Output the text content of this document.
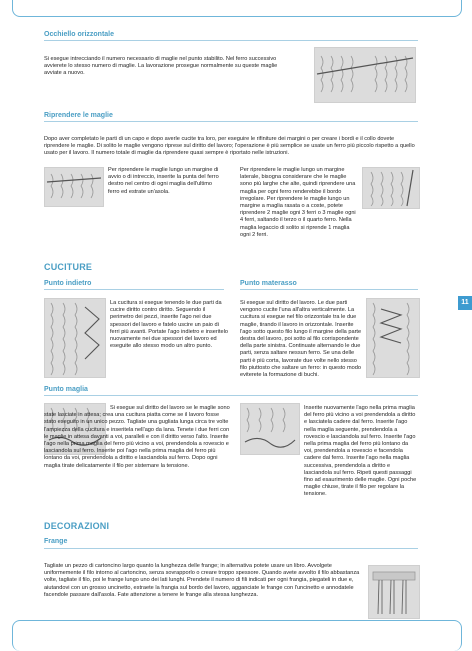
11
Occhiello orizzontale
Si esegue intrecciando il numero necessario di maglie nel punto stabilito. Nel ferro successivo avvierete lo stesso numero di maglie. La lavorazione prosegue normalmente su queste maglie avviate a nuovo.
Riprendere le maglie
Dopo aver completato le parti di un capo e dopo averle cucite tra loro, per eseguire le rifiniture dei margini o per creare i bordi e il collo dovete riprendere le maglie. Di solito le maglie vengono riprese sul diritto del lavoro; l'operazione è più semplice se usate un ferro più piccolo rispetto a quello usato per il lavoro. Il numero totale di maglie da riprendere quasi sempre è riportato nelle istruzioni.
Per riprendere le maglie lungo un margine di avvio o di intreccio, inserite la punta del ferro destro nel centro di ogni maglia dell'ultimo ferro ed estrate un'asola.
Per riprendere le maglie lungo un margine laterale, bisogna considerare che le maglie sono più larghe che alte, quindi riprendere una maglia per ogni ferro renderebbe il bordo irregolare. Per riprendere le maglie lungo un margine a maglia rasata o a coste, potete riprendere 2 maglie ogni 3 ferri o 3 maglie ogni 4 ferri, saltando il terzo o il quarto ferro. Nella maglia legaccio di solito si riprende 1 maglia ogni 2 ferri.
CUCITURE
Punto indietro
La cucitura si esegue tenendo le due parti da cucire diritto contro diritto. Seguendo il perimetro dei pezzi, inserite l'ago nei due spessori del lavoro e fatelo uscire un paio di ferri più avanti. Portate l'ago indietro e inseritelo nuovamente nei due spessori del lavoro ed eseguite allo stesso modo un altro punto.
Punto materasso
Si esegue sul diritto del lavoro. Le due parti vengono cucite l'una all'altra verticalmente. La cucitura si esegue nel filo orizzontale tra le due maglie, tirando il lavoro in orizzontale. Inserite l'ago sotto questo filo lungo il margine della parte destra del lavoro, poi sotto al filo corrispondente della parte sinistra. Continuate alternando le due parti, senza saltare nessun ferro. Se una delle parti è più corta, lavorate due volte nello stesso filo piuttosto che saltare un ferro: in questo modo eviterete la formazione di buchi.
Punto maglia
Si esegue sul diritto del lavoro se le maglie sono state lasciate in attesa; crea una cucitura piatta come se il lavoro fosse stato eseguito in un unico pezzo. Tagliate una gugliata lunga circa tre volte l'ampiezza della cucitura e inseritela nell'ago da lana. Tenete i due ferri con le maglie in attesa davanti a voi, paralleli e con il diritto verso l'alto. Inserite l'ago nella prima maglia del ferro più vicino a voi, prendendola a rovescio e lasciandola sul ferro. Inserite poi l'ago nella prima maglia del ferro più lontano da voi, prendendola a diritto e lasciandola sul ferro. Dopo ogni maglia tirate delicatamente il filo per sistemare la tensione.
Inserite nuovamente l'ago nella prima maglia del ferro più vicino a voi prendendola a diritto e lasciatela cadere dal ferro. Inserite l'ago nella maglia seguente, prendendola a rovescio e lasciandola sul ferro. Inserite l'ago nella prima maglia del ferro più lontano da voi, prendendola a rovescio e facendola cadere dal ferro. Inserite l'ago nella maglia successiva, prendendola a diritto e lasciandola sul ferro. Ripeti questi passaggi fino ad esaurimento delle maglie. Ogni poche maglie chiuse, tirate il filo per regolare la tensione.
DECORAZIONI
Frange
Tagliate un pezzo di cartoncino largo quanto la lunghezza delle frange; in alternativa potete usare un libro. Avvolgete uniformemente il filo intorno al cartoncino, senza sovrapporlo o creare troppo spessore. Quando avete avvolto il filo abbastanza volte, tagliate il filo, poi le frange lungo uno dei lati lunghi. Prendete il numero di fili indicati per ogni frangia, piegateli in due e, aiutandovi con un grosso uncinetto, estraete la frangia sul bordo del lavoro, agganciate le frange con l'uncinetto e annodatele facendole passare dall'asola. Fate attenzione a tenere le frange alla stessa lunghezza.
